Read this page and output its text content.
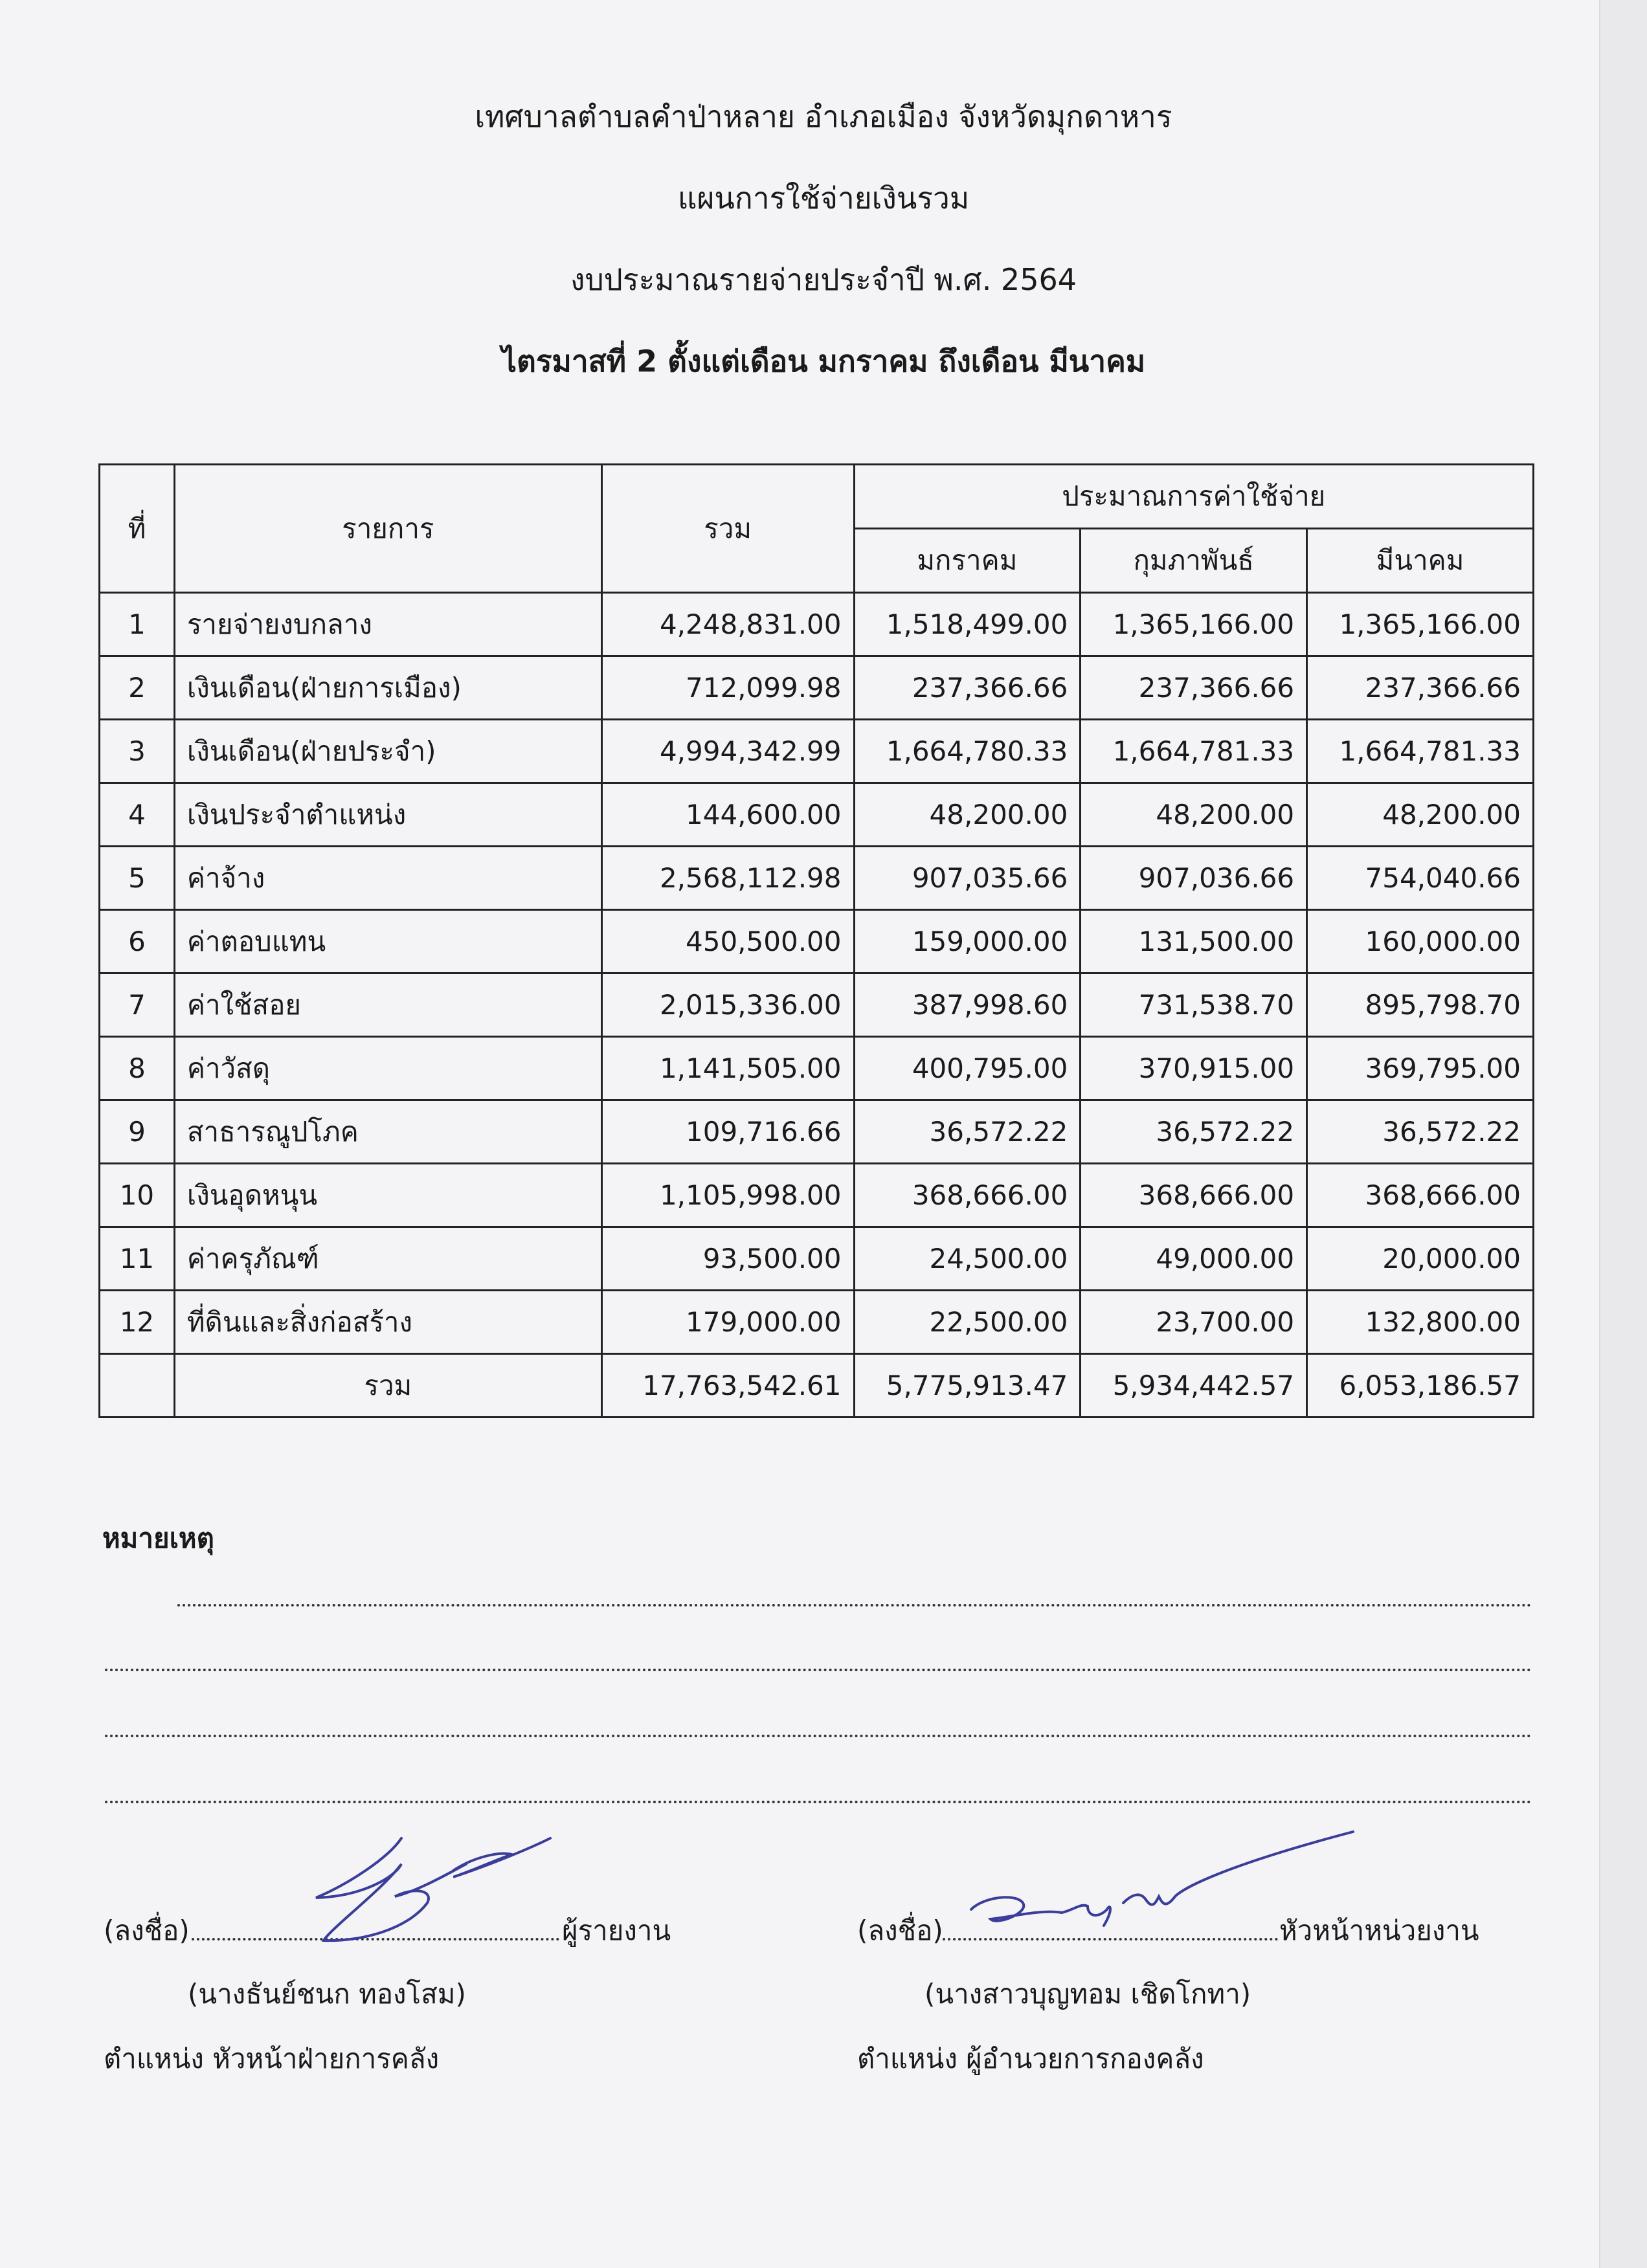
เทศบาลตำบลคำป่าหลาย อำเภอเมือง จังหวัดมุกดาหาร
แผนการใช้จ่ายเงินรวม
งบประมาณรายจ่ายประจำปี พ.ศ. 2564
ไตรมาสที่ 2 ตั้งแต่เดือน มกราคม ถึงเดือน มีนาคม
ที่	รายการ	รวม	ประมาณการค่าใช้จ่าย		
			มกราคม	กุมภาพันธ์	มีนาคม
1	รายจ่ายงบกลาง	4,248,831.00	1,518,499.00	1,365,166.00	1,365,166.00
2	เงินเดือน(ฝ่ายการเมือง)	712,099.98	237,366.66	237,366.66	237,366.66
3	เงินเดือน(ฝ่ายประจำ)	4,994,342.99	1,664,780.33	1,664,781.33	1,664,781.33
4	เงินประจำตำแหน่ง	144,600.00	48,200.00	48,200.00	48,200.00
5	ค่าจ้าง	2,568,112.98	907,035.66	907,036.66	754,040.66
6	ค่าตอบแทน	450,500.00	159,000.00	131,500.00	160,000.00
7	ค่าใช้สอย	2,015,336.00	387,998.60	731,538.70	895,798.70
8	ค่าวัสดุ	1,141,505.00	400,795.00	370,915.00	369,795.00
9	สาธารณูปโภค	109,716.66	36,572.22	36,572.22	36,572.22
10	เงินอุดหนุน	1,105,998.00	368,666.00	368,666.00	368,666.00
11	ค่าครุภัณฑ์	93,500.00	24,500.00	49,000.00	20,000.00
12	ที่ดินและสิ่งก่อสร้าง	179,000.00	22,500.00	23,700.00	132,800.00
	รวม	17,763,542.61	5,775,913.47	5,934,442.57	6,053,186.57
หมายเหตุ
(ลงชื่อ)	ผู้รายงาน
(นางธันย์ชนก ทองโสม)
ตำแหน่ง หัวหน้าฝ่ายการคลัง
(ลงชื่อ)	หัวหน้าหน่วยงาน
(นางสาวบุญทอม เชิดโกทา)
ตำแหน่ง ผู้อำนวยการกองคลัง
